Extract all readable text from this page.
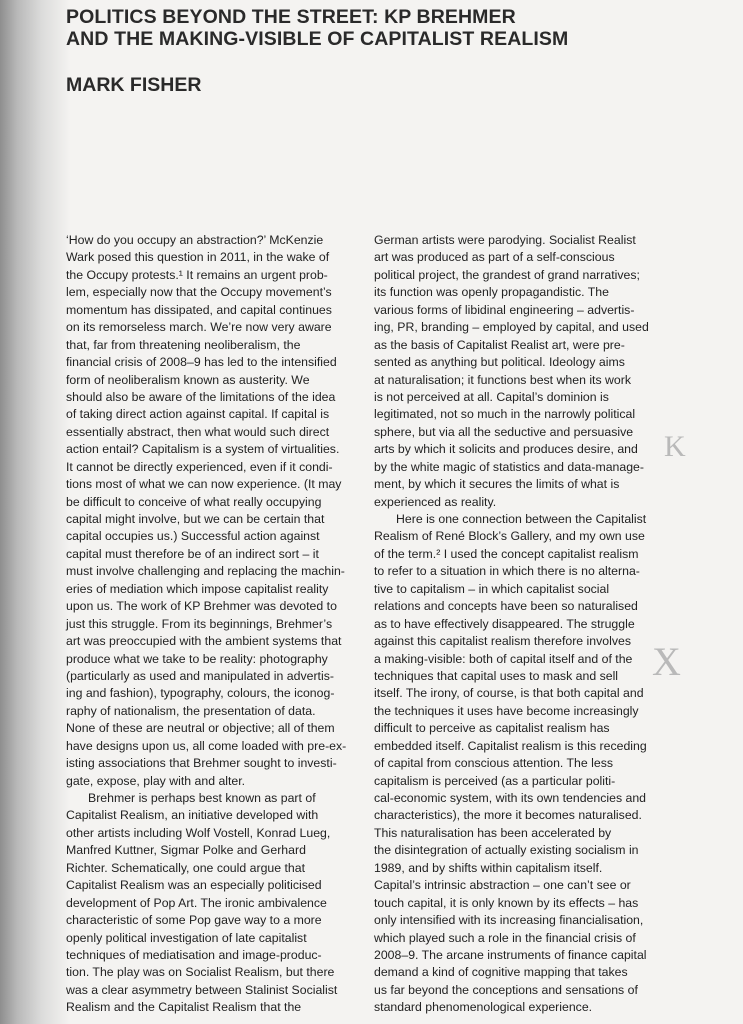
POLITICS BEYOND THE STREET: KP BREHMER
AND THE MAKING-VISIBLE OF CAPITALIST REALISM
MARK FISHER
‘How do you occupy an abstraction?’ McKenzie
Wark posed this question in 2011, in the wake of
the Occupy protests.¹ It remains an urgent prob-
lem, especially now that the Occupy movement’s
momentum has dissipated, and capital continues
on its remorseless march. We’re now very aware
that, far from threatening neoliberalism, the
financial crisis of 2008–9 has led to the intensified
form of neoliberalism known as austerity. We
should also be aware of the limitations of the idea
of taking direct action against capital. If capital is
essentially abstract, then what would such direct
action entail? Capitalism is a system of virtualities.
It cannot be directly experienced, even if it condi-
tions most of what we can now experience. (It may
be difficult to conceive of what really occupying
capital might involve, but we can be certain that
capital occupies us.) Successful action against
capital must therefore be of an indirect sort – it
must involve challenging and replacing the machin-
eries of mediation which impose capitalist reality
upon us. The work of KP Brehmer was devoted to
just this struggle. From its beginnings, Brehmer’s
art was preoccupied with the ambient systems that
produce what we take to be reality: photography
(particularly as used and manipulated in advertis-
ing and fashion), typography, colours, the iconog-
raphy of nationalism, the presentation of data.
None of these are neutral or objective; all of them
have designs upon us, all come loaded with pre-ex-
isting associations that Brehmer sought to investi-
gate, expose, play with and alter.
Brehmer is perhaps best known as part of
Capitalist Realism, an initiative developed with
other artists including Wolf Vostell, Konrad Lueg,
Manfred Kuttner, Sigmar Polke and Gerhard
Richter. Schematically, one could argue that
Capitalist Realism was an especially politicised
development of Pop Art. The ironic ambivalence
characteristic of some Pop gave way to a more
openly political investigation of late capitalist
techniques of mediatisation and image-produc-
tion. The play was on Socialist Realism, but there
was a clear asymmetry between Stalinist Socialist
Realism and the Capitalist Realism that the
German artists were parodying. Socialist Realist
art was produced as part of a self-conscious
political project, the grandest of grand narratives;
its function was openly propagandistic. The
various forms of libidinal engineering – advertis-
ing, PR, branding – employed by capital, and used
as the basis of Capitalist Realist art, were pre-
sented as anything but political. Ideology aims
at naturalisation; it functions best when its work
is not perceived at all. Capital’s dominion is
legitimated, not so much in the narrowly political
sphere, but via all the seductive and persuasive
arts by which it solicits and produces desire, and
by the white magic of statistics and data-manage-
ment, by which it secures the limits of what is
experienced as reality.
Here is one connection between the Capitalist
Realism of René Block’s Gallery, and my own use
of the term.² I used the concept capitalist realism
to refer to a situation in which there is no alterna-
tive to capitalism – in which capitalist social
relations and concepts have been so naturalised
as to have effectively disappeared. The struggle
against this capitalist realism therefore involves
a making-visible: both of capital itself and of the
techniques that capital uses to mask and sell
itself. The irony, of course, is that both capital and
the techniques it uses have become increasingly
difficult to perceive as capitalist realism has
embedded itself. Capitalist realism is this receding
of capital from conscious attention. The less
capitalism is perceived (as a particular politi-
cal-economic system, with its own tendencies and
characteristics), the more it becomes naturalised.
This naturalisation has been accelerated by
the disintegration of actually existing socialism in
1989, and by shifts within capitalism itself.
Capital’s intrinsic abstraction – one can’t see or
touch capital, it is only known by its effects – has
only intensified with its increasing financialisation,
which played such a role in the financial crisis of
2008–9. The arcane instruments of finance capital
demand a kind of cognitive mapping that takes
us far beyond the conceptions and sensations of
standard phenomenological experience.
K
X
